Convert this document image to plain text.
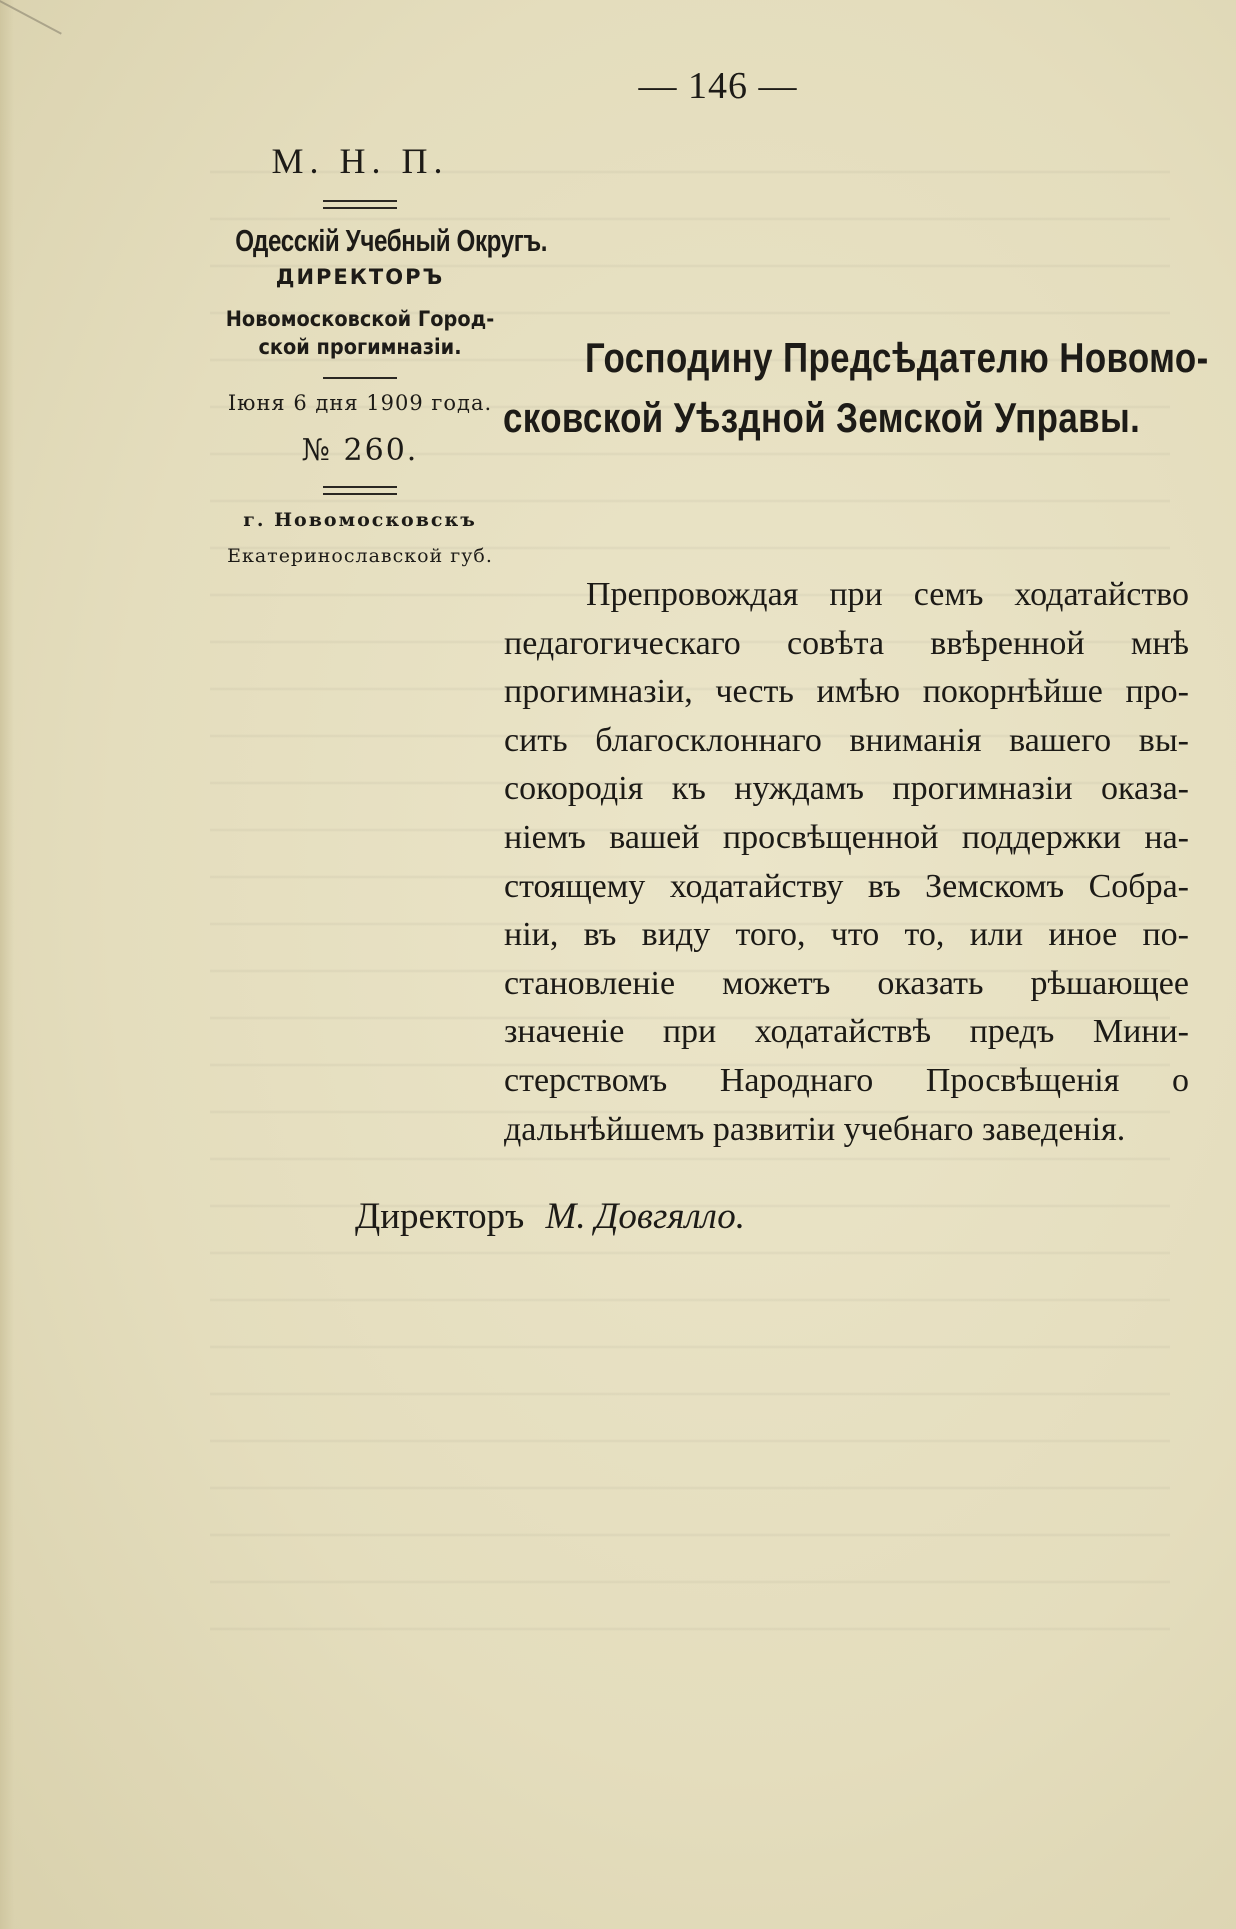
— 146 —
М. Н. П.
Одесскій Учебный Округъ.
ДИРЕКТОРЪ
Новомосковской Город-
ской прогимназіи.
Іюня 6 дня 1909 года.
№ 260.
г. Новомосковскъ
Екатеринославской губ.
Господину Предсѣдателю Новомо-
сковской Уѣздной Земской Управы.
Препровождая при семъ ходатайство
педагогическаго совѣта ввѣренной мнѣ
прогимназіи, честь имѣю покорнѣйше про-
сить благосклоннаго вниманія вашего вы-
сокородія къ нуждамъ прогимназіи оказа-
ніемъ вашей просвѣщенной поддержки на-
стоящему ходатайству въ Земскомъ Собра-
ніи, въ виду того, что то, или иное по-
становленіе можетъ оказать рѣшающее
значеніе при ходатайствѣ предъ Мини-
стерствомъ Народнаго Просвѣщенія о
дальнѣйшемъ развитіи учебнаго заведенія.
Директоръ М. Довгялло.
